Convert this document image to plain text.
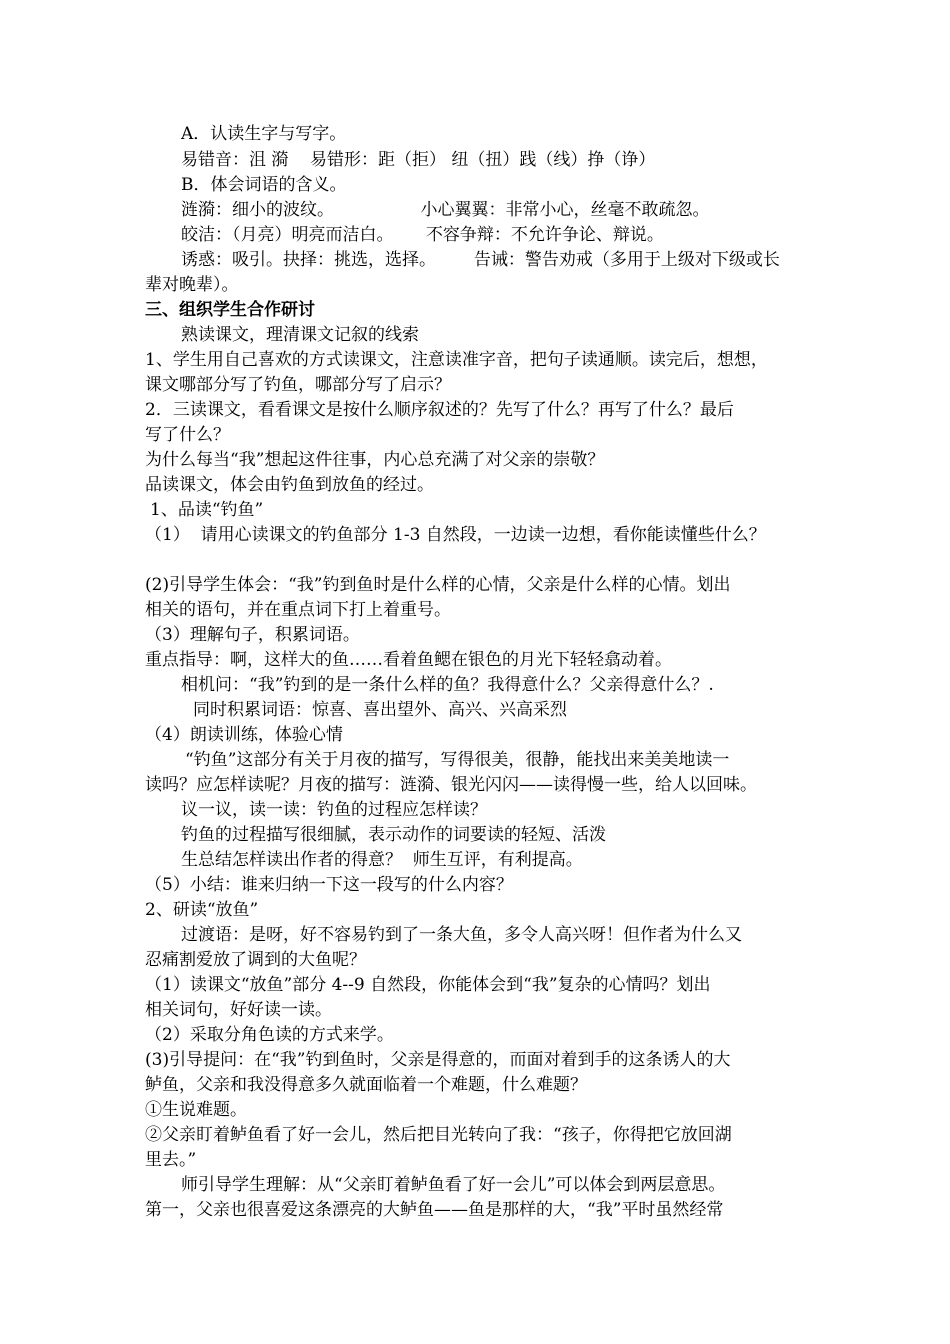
A．认读生字与写字。
易错音：沮 漪    易错形：距（拒） 纽（扭）践（线）挣（诤）
B．体会词语的含义。
涟漪：细小的波纹。                小心翼翼：非常小心，丝毫不敢疏忽。
皎洁：（月亮）明亮而洁白。      不容争辩：不允许争论、辩说。
诱惑：吸引。抉择：挑选，选择。       告诫：警告劝戒（多用于上级对下级或长
辈对晚辈）。
三、组织学生合作研讨
熟读课文，理清课文记叙的线索
1、学生用自己喜欢的方式读课文，注意读准字音，把句子读通顺。读完后，想想，
课文哪部分写了钓鱼，哪部分写了启示？
2．三读课文，看看课文是按什么顺序叙述的？先写了什么？再写了什么？最后
写了什么？
为什么每当“我”想起这件往事，内心总充满了对父亲的崇敬？
品读课文，体会由钓鱼到放鱼的经过。
1、品读“钓鱼”
（1）  请用心读课文的钓鱼部分 1-3 自然段，一边读一边想，看你能读懂些什么？
(2)引导学生体会：“我”钓到鱼时是什么样的心情，父亲是什么样的心情。划出
相关的语句，并在重点词下打上着重号。
（3）理解句子，积累词语。
重点指导：啊，这样大的鱼……看着鱼鳃在银色的月光下轻轻翕动着。
相机问：“我”钓到的是一条什么样的鱼？我得意什么？父亲得意什么？.
同时积累词语：惊喜、喜出望外、高兴、兴高采烈
（4）朗读训练，体验心情
“钓鱼”这部分有关于月夜的描写，写得很美，很静，能找出来美美地读一
读吗？应怎样读呢？月夜的描写：涟漪、银光闪闪——读得慢一些，给人以回味。
议一议，读一读：钓鱼的过程应怎样读？
钓鱼的过程描写很细腻，表示动作的词要读的轻短、活泼
生总结怎样读出作者的得意？  师生互评，有利提高。
（5）小结：谁来归纳一下这一段写的什么内容？
2、研读“放鱼”
过渡语：是呀，好不容易钓到了一条大鱼，多令人高兴呀！但作者为什么又
忍痛割爱放了调到的大鱼呢？
（1）读课文“放鱼”部分 4--9 自然段，你能体会到“我”复杂的心情吗？划出
相关词句，好好读一读。
（2）采取分角色读的方式来学。
(3)引导提问：在“我”钓到鱼时，父亲是得意的，而面对着到手的这条诱人的大
鲈鱼，父亲和我没得意多久就面临着一个难题，什么难题？
①生说难题。
②父亲盯着鲈鱼看了好一会儿，然后把目光转向了我：“孩子，你得把它放回湖
里去。”
师引导学生理解：从“父亲盯着鲈鱼看了好一会儿”可以体会到两层意思。
第一，父亲也很喜爱这条漂亮的大鲈鱼——鱼是那样的大，“我”平时虽然经常
